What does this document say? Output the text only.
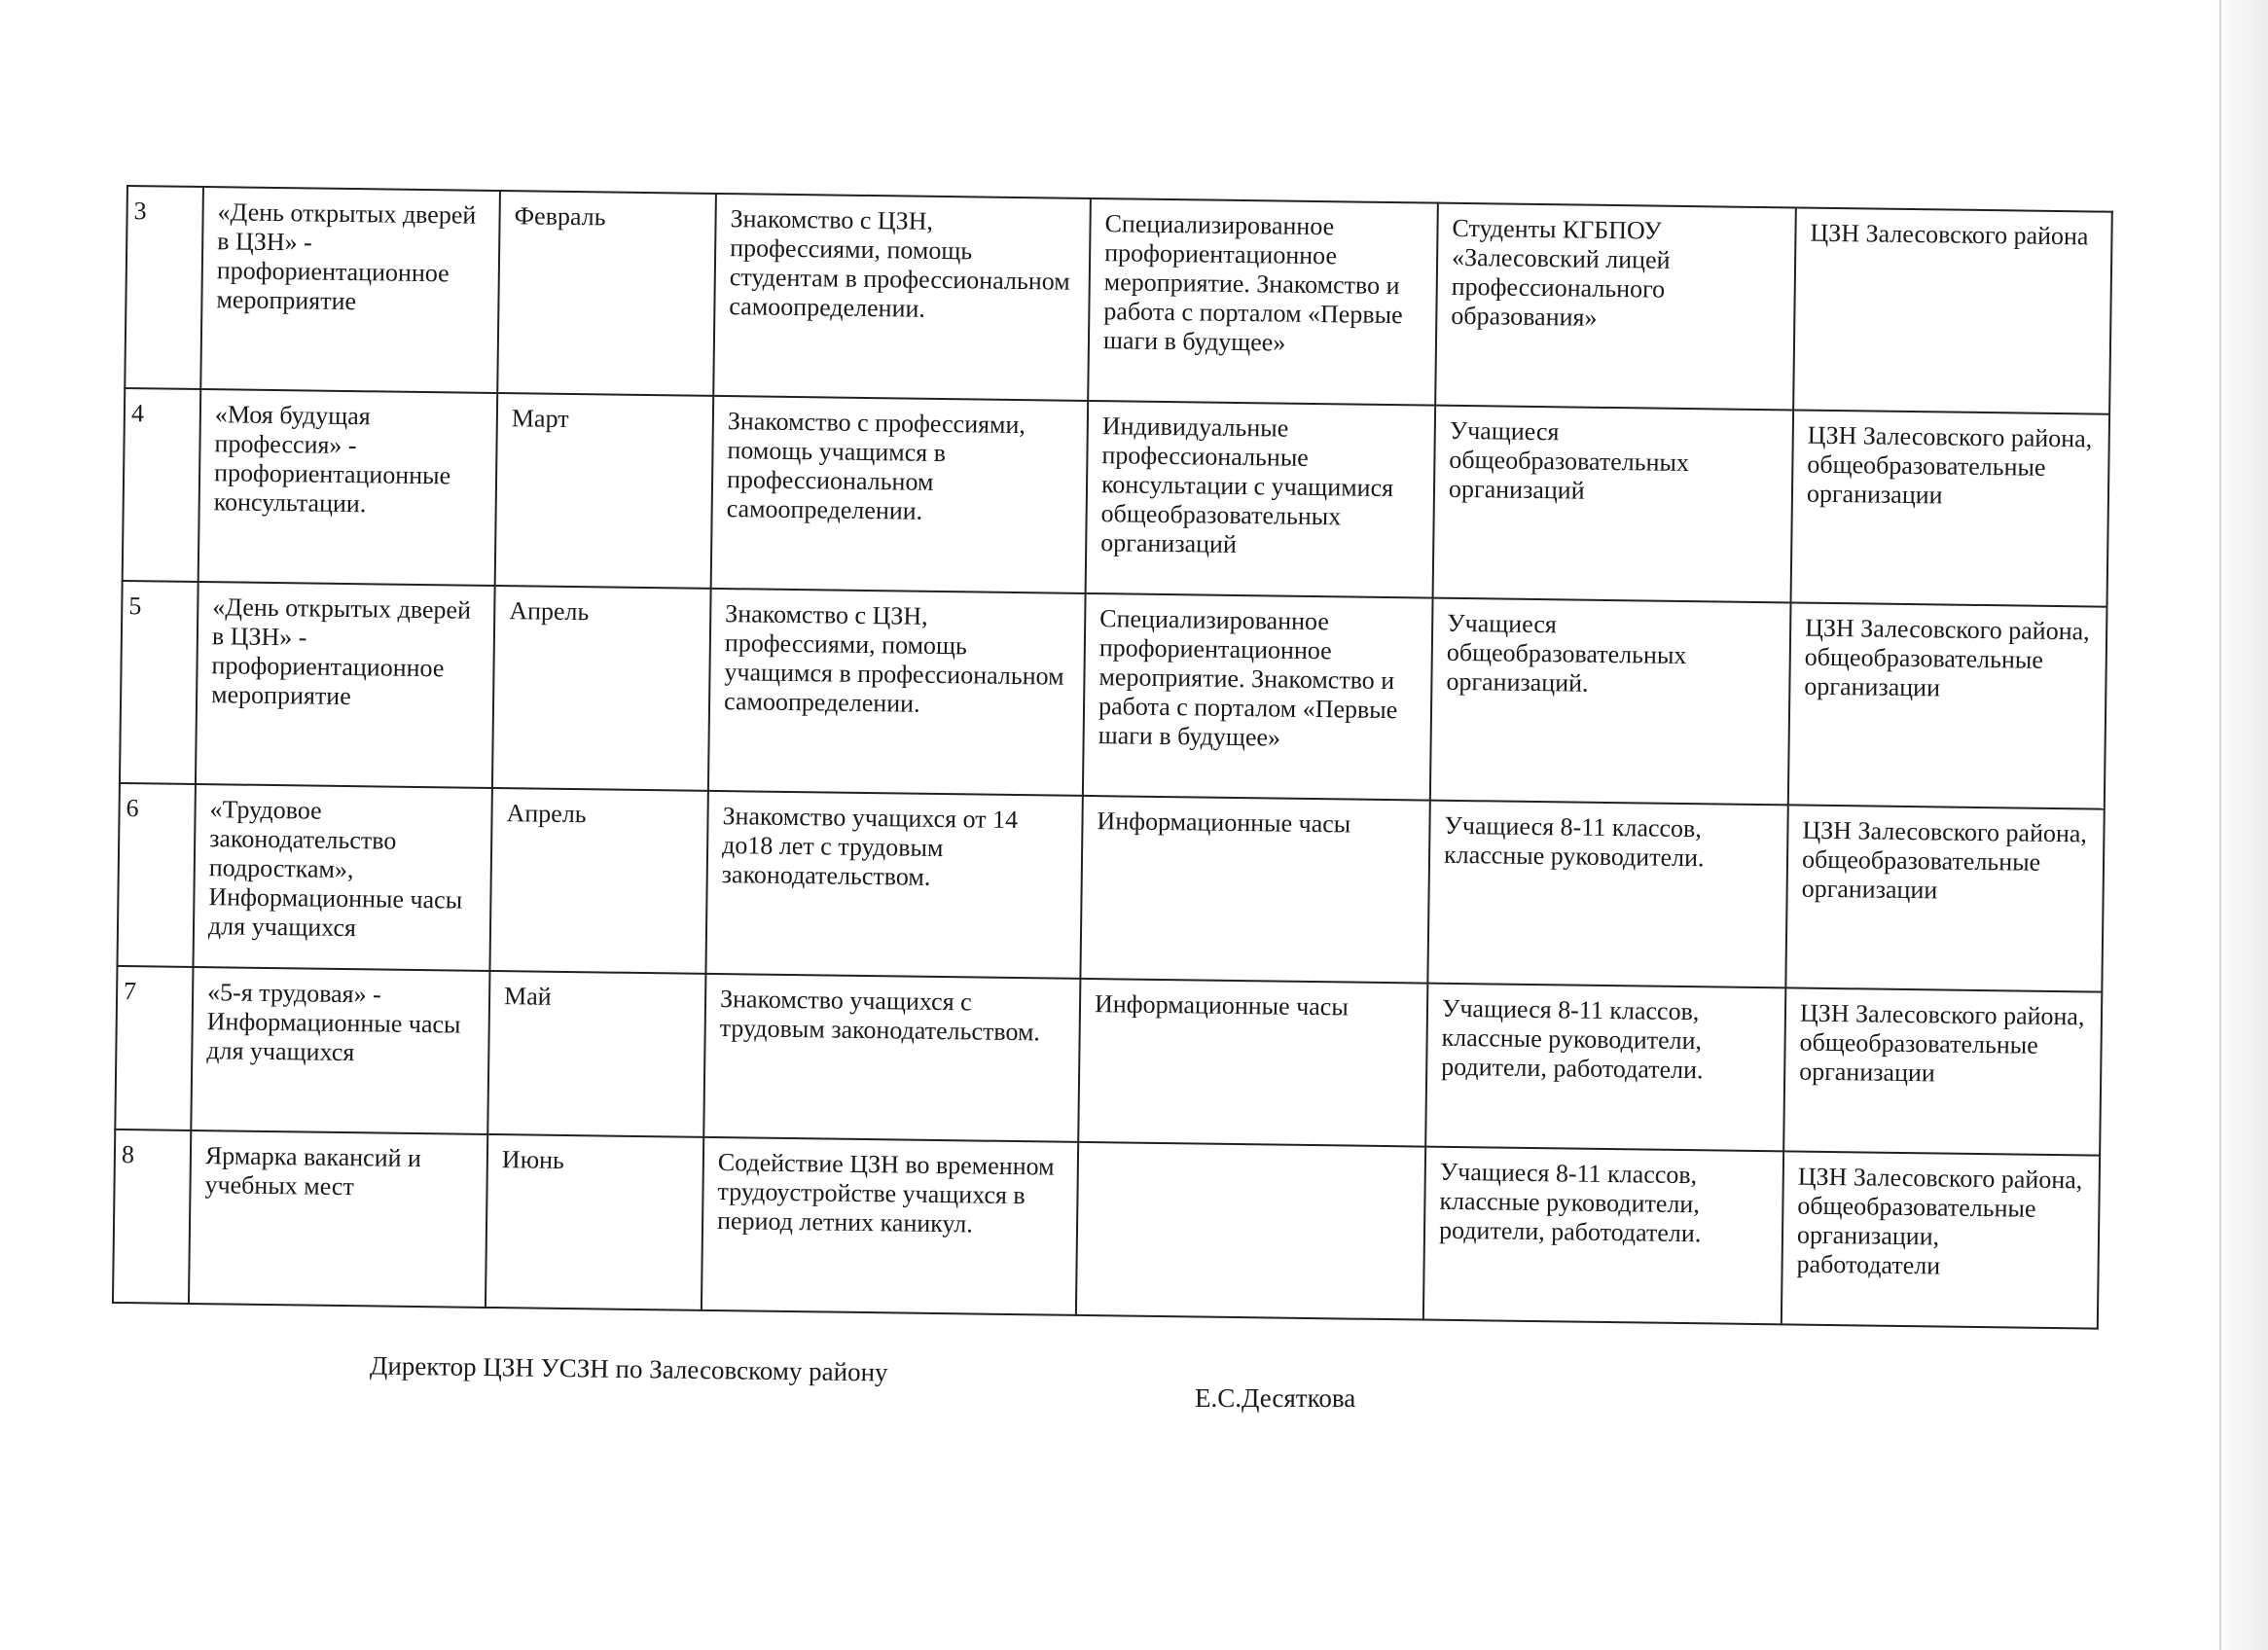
3	«День открытых дверей в ЦЗН» - профориентационное мероприятие	Февраль	Знакомство с ЦЗН, профессиями, помощь студентам в профессиональном самоопределении.	Специализированное профориентационное мероприятие. Знакомство и работа с порталом «Первые шаги в будущее»	Студенты КГБПОУ «Залесовский лицей профессионального образования»	ЦЗН Залесовского района
4	«Моя будущая профессия» - профориентационные консультации.	Март	Знакомство с профессиями, помощь учащимся в профессиональном самоопределении.	Индивидуальные профессиональные консультации с учащимися общеобразовательных организаций	Учащиеся общеобразовательных организаций	ЦЗН Залесовского района, общеобразовательные организации
5	«День открытых дверей в ЦЗН» - профориентационное мероприятие	Апрель	Знакомство с ЦЗН, профессиями, помощь учащимся в профессиональном самоопределении.	Специализированное профориентационное мероприятие. Знакомство и работа с порталом «Первые шаги в будущее»	Учащиеся общеобразовательных организаций.	ЦЗН Залесовского района, общеобразовательные организации
6	«Трудовое законодательство подросткам», Информационные часы для учащихся	Апрель	Знакомство учащихся от 14 до18 лет с трудовым законодательством.	Информационные часы	Учащиеся 8-11 классов, классные руководители.	ЦЗН Залесовского района, общеобразовательные организации
7	«5-я трудовая» - Информационные часы для учащихся	Май	Знакомство учащихся с трудовым законодательством.	Информационные часы	Учащиеся 8-11 классов, классные руководители, родители, работодатели.	ЦЗН Залесовского района, общеобразовательные организации
8	Ярмарка вакансий и учебных мест	Июнь	Содействие ЦЗН во временном трудоустройстве учащихся в период летних каникул.		Учащиеся 8-11 классов, классные руководители, родители, работодатели.	ЦЗН Залесовского района, общеобразовательные организации, работодатели
Директор ЦЗН УСЗН по Залесовскому району
Е.С.Десяткова
